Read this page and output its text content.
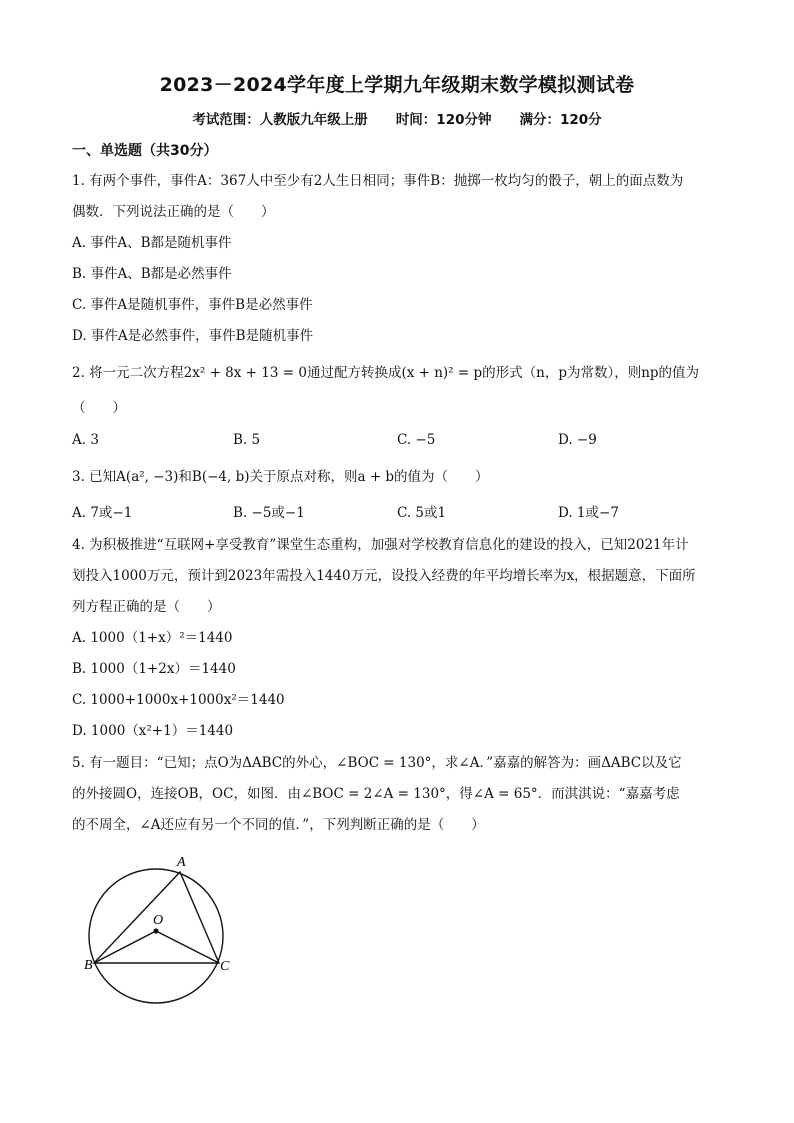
2023－2024学年度上学期九年级期末数学模拟测试卷
考试范围：人教版九年级上册 时间：120分钟 满分：120分
一、单选题（共30分）
1. 有两个事件，事件A：367人中至少有2人生日相同；事件B：抛掷一枚均匀的骰子，朝上的面点数为
偶数．下列说法正确的是（　　）
A. 事件A、B都是随机事件
B. 事件A、B都是必然事件
C. 事件A是随机事件，事件B是必然事件
D. 事件A是必然事件，事件B是随机事件
2. 将一元二次方程2x² + 8x + 13 = 0通过配方转换成(x + n)² = p的形式（n，p为常数），则np的值为
（　　）
A. 3	B. 5	C. −5	D. −9
3. 已知A(a², −3)和B(−4, b)关于原点对称，则a + b的值为（　　）
A. 7或−1	B. −5或−1	C. 5或1	D. 1或−7
4. 为积极推进“互联网+享受教育”课堂生态重构，加强对学校教育信息化的建设的投入，已知2021年计
划投入1000万元，预计到2023年需投入1440万元，设投入经费的年平均增长率为x，根据题意，下面所
列方程正确的是（　　）
A. 1000（1+x）²＝1440
B. 1000（1+2x）＝1440
C. 1000+1000x+1000x²＝1440
D. 1000（x²+1）＝1440
5. 有一题目：“已知；点O为ΔABC的外心，∠BOC = 130°，求∠A．”嘉嘉的解答为：画ΔABC以及它
的外接圆O，连接OB，OC，如图．由∠BOC = 2∠A = 130°，得∠A = 65°．而淇淇说：“嘉嘉考虑
的不周全，∠A还应有另一个不同的值．”，下列判断正确的是（　　）
A
B	C
O
